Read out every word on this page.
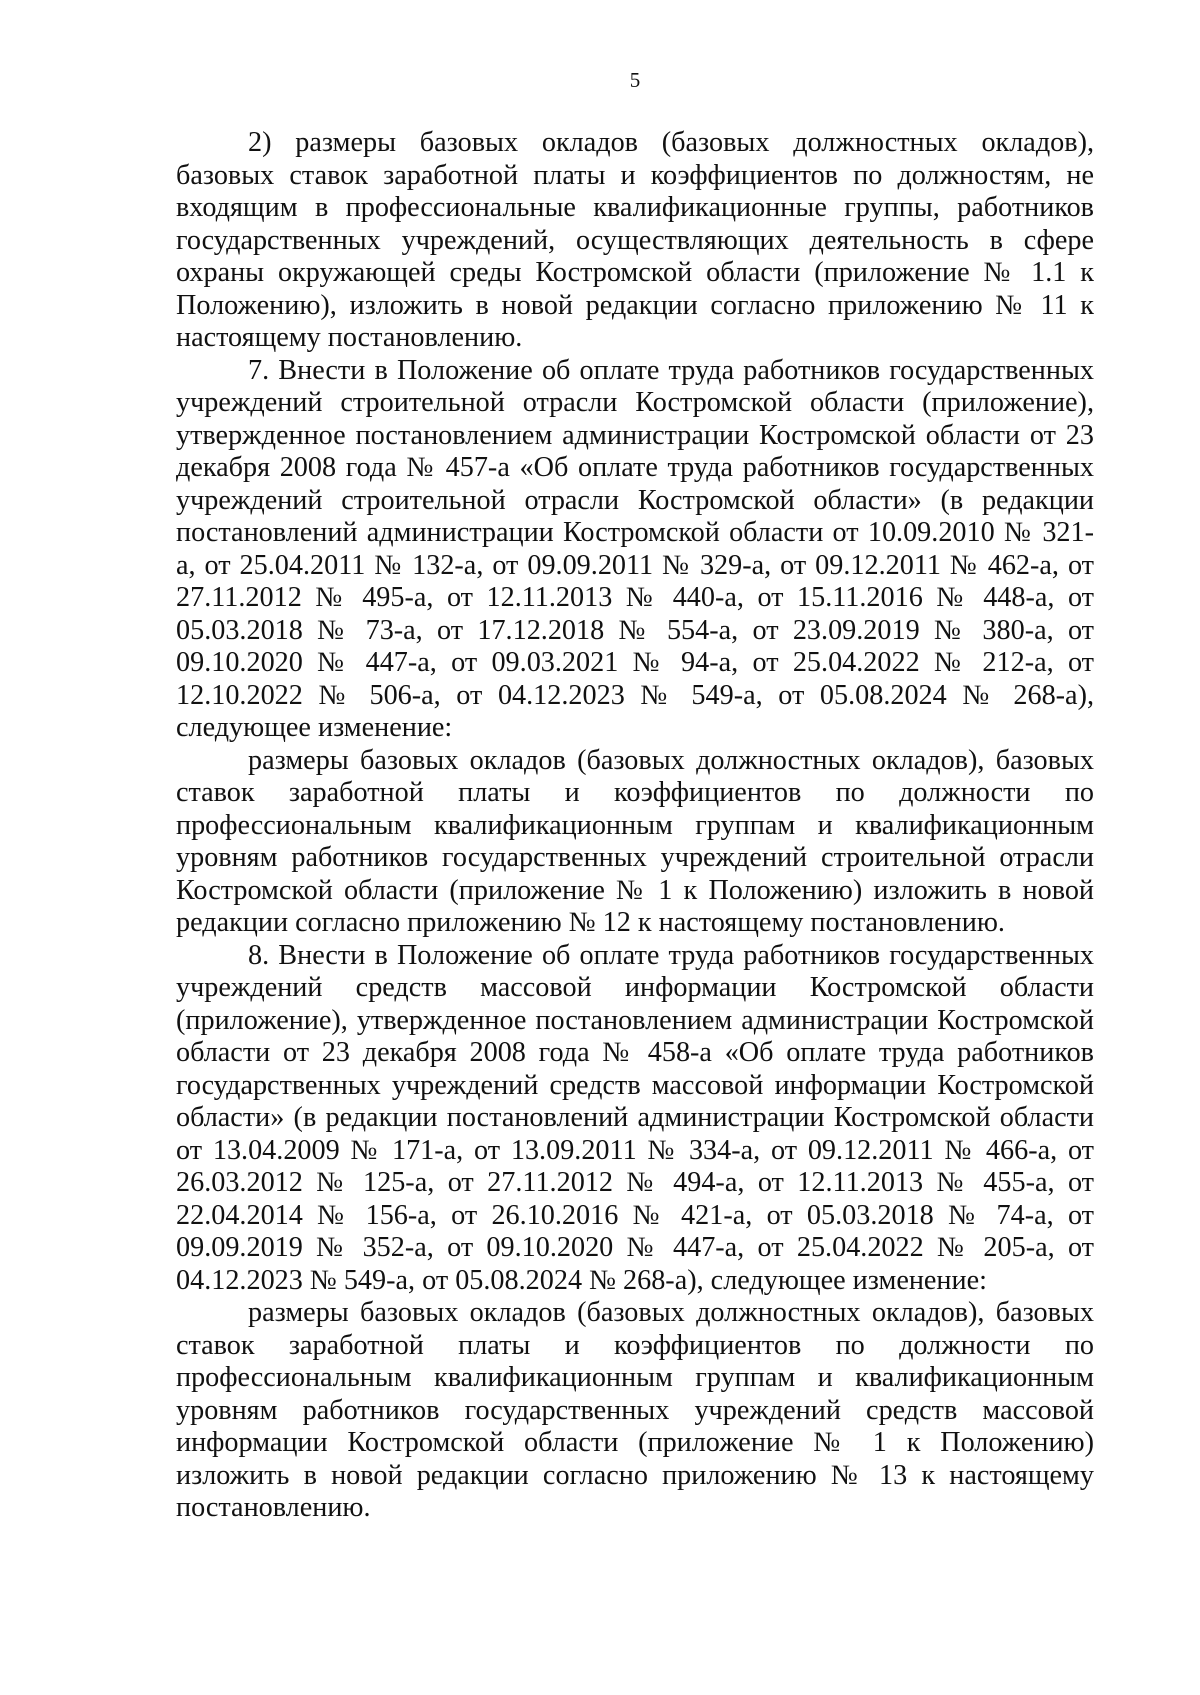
5

2) размеры базовых окладов (базовых должностных окладов), базовых ставок заработной платы и коэффициентов по должностям, не входящим в профессиональные квалификационные группы, работников государственных учреждений, осуществляющих деятельность в сфере охраны окружающей среды Костромской области (приложение № 1.1 к Положению), изложить в новой редакции согласно приложению № 11 к настоящему постановлению.

7. Внести в Положение об оплате труда работников государственных учреждений строительной отрасли Костромской области (приложение), утвержденное постановлением администрации Костромской области от 23 декабря 2008 года № 457-а «Об оплате труда работников государственных учреждений строительной отрасли Костромской области» (в редакции постановлений администрации Костромской области от 10.09.2010 № 321-а, от 25.04.2011 № 132-а, от 09.09.2011 № 329-а, от 09.12.2011 № 462-а, от 27.11.2012 № 495-а, от 12.11.2013 № 440-а, от 15.11.2016 № 448-а, от 05.03.2018 № 73-а, от 17.12.2018 № 554-а, от 23.09.2019 № 380-а, от 09.10.2020 № 447-а, от 09.03.2021 № 94-а, от 25.04.2022 № 212-а, от 12.10.2022 № 506-а, от 04.12.2023 № 549-а, от 05.08.2024 № 268-а), следующее изменение:

размеры базовых окладов (базовых должностных окладов), базовых ставок заработной платы и коэффициентов по должности по профессиональным квалификационным группам и квалификационным уровням работников государственных учреждений строительной отрасли Костромской области (приложение № 1 к Положению) изложить в новой редакции согласно приложению № 12 к настоящему постановлению.

8. Внести в Положение об оплате труда работников государственных учреждений средств массовой информации Костромской области (приложение), утвержденное постановлением администрации Костромской области от 23 декабря 2008 года № 458-а «Об оплате труда работников государственных учреждений средств массовой информации Костромской области» (в редакции постановлений администрации Костромской области от 13.04.2009 № 171-а, от 13.09.2011 № 334-а, от 09.12.2011 № 466-а, от 26.03.2012 № 125-а, от 27.11.2012 № 494-а, от 12.11.2013 № 455-а, от 22.04.2014 № 156-а, от 26.10.2016 № 421-а, от 05.03.2018 № 74-а, от 09.09.2019 № 352-а, от 09.10.2020 № 447-а, от 25.04.2022 № 205-а, от 04.12.2023 № 549-а, от 05.08.2024 № 268-а), следующее изменение:

размеры базовых окладов (базовых должностных окладов), базовых ставок заработной платы и коэффициентов по должности по профессиональным квалификационным группам и квалификационным уровням работников государственных учреждений средств массовой информации Костромской области (приложение № 1 к Положению) изложить в новой редакции согласно приложению № 13 к настоящему постановлению.
